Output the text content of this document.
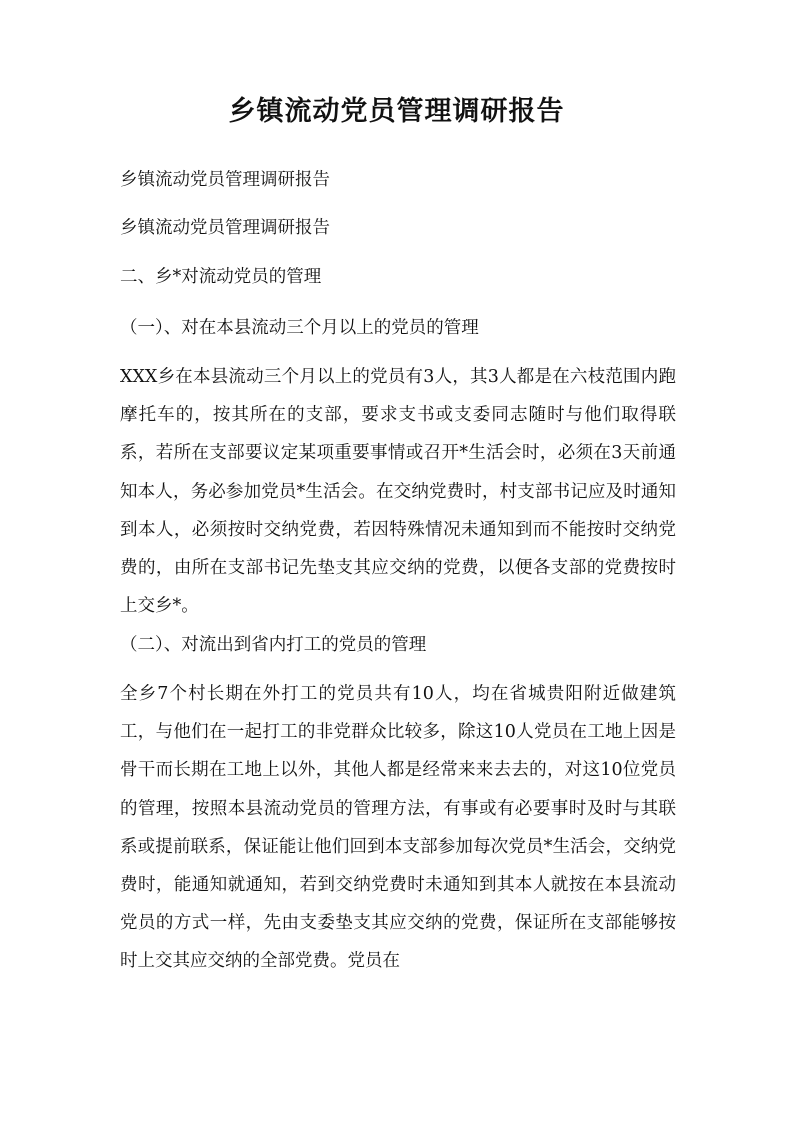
乡镇流动党员管理调研报告

乡镇流动党员管理调研报告

乡镇流动党员管理调研报告

二、乡*对流动党员的管理

（一）、对在本县流动三个月以上的党员的管理

XXX乡在本县流动三个月以上的党员有3人，其3人都是在六枝范围内跑摩托车的，按其所在的支部，要求支书或支委同志随时与他们取得联系，若所在支部要议定某项重要事情或召开*生活会时，必须在3天前通知本人，务必参加党员*生活会。在交纳党费时，村支部书记应及时通知到本人，必须按时交纳党费，若因特殊情况未通知到而不能按时交纳党费的，由所在支部书记先垫支其应交纳的党费，以便各支部的党费按时上交乡*。

（二）、对流出到省内打工的党员的管理

全乡7个村长期在外打工的党员共有10人，均在省城贵阳附近做建筑工，与他们在一起打工的非党群众比较多，除这10人党员在工地上因是骨干而长期在工地上以外，其他人都是经常来来去去的，对这10位党员的管理，按照本县流动党员的管理方法，有事或有必要事时及时与其联系或提前联系，保证能让他们回到本支部参加每次党员*生活会，交纳党费时，能通知就通知，若到交纳党费时未通知到其本人就按在本县流动党员的方式一样，先由支委垫支其应交纳的党费，保证所在支部能够按时上交其应交纳的全部党费。党员在
